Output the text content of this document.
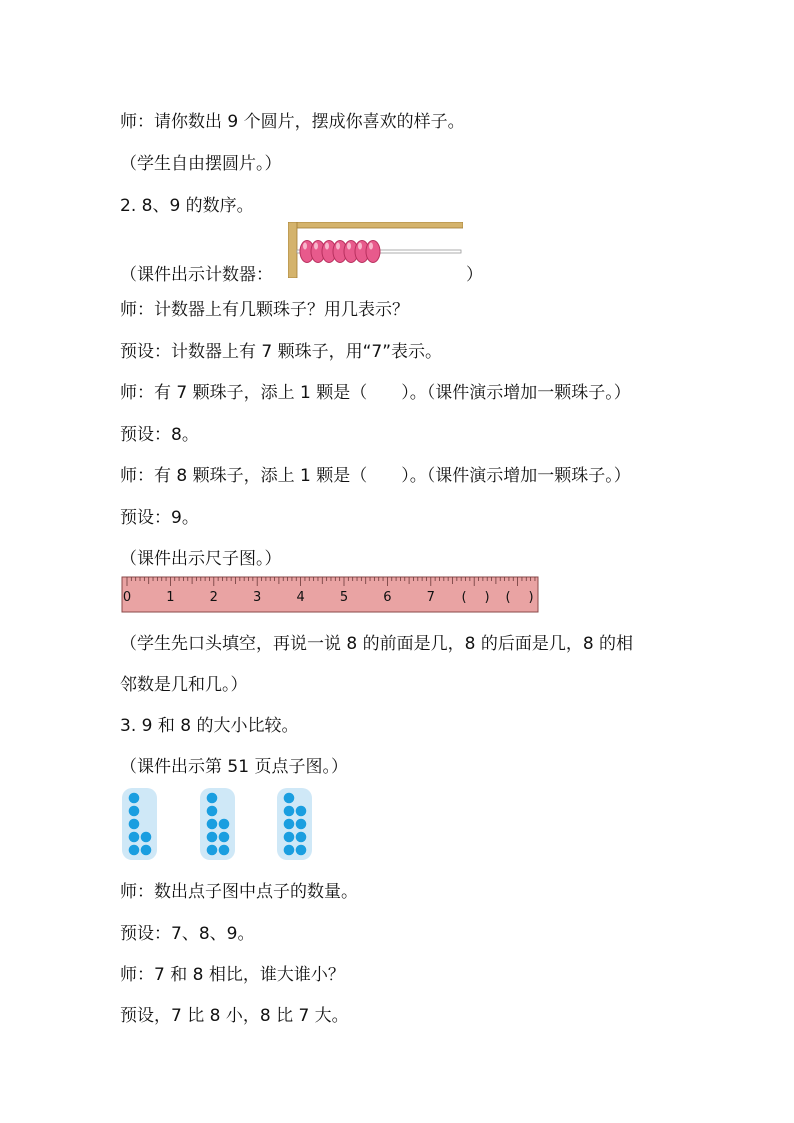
师：请你数出 9 个圆片，摆成你喜欢的样子。
（学生自由摆圆片。）
2. 8、9 的数序。
（课件出示计数器：	）
师：计数器上有几颗珠子？用几表示？
预设：计数器上有 7 颗珠子，用“7”表示。
师：有 7 颗珠子，添上 1 颗是（　　）。（课件演示增加一颗珠子。）
预设：8。
师：有 8 颗珠子，添上 1 颗是（　　）。（课件演示增加一颗珠子。）
预设：9。
（课件出示尺子图。）
0	1	2	3	4	5	6	7 ( ) ( )
（学生先口头填空，再说一说 8 的前面是几，8 的后面是几，8 的相
邻数是几和几。）
3. 9 和 8 的大小比较。
（课件出示第 51 页点子图。）
师：数出点子图中点子的数量。
预设：7、8、9。
师：7 和 8 相比，谁大谁小？
预设，7 比 8 小，8 比 7 大。
